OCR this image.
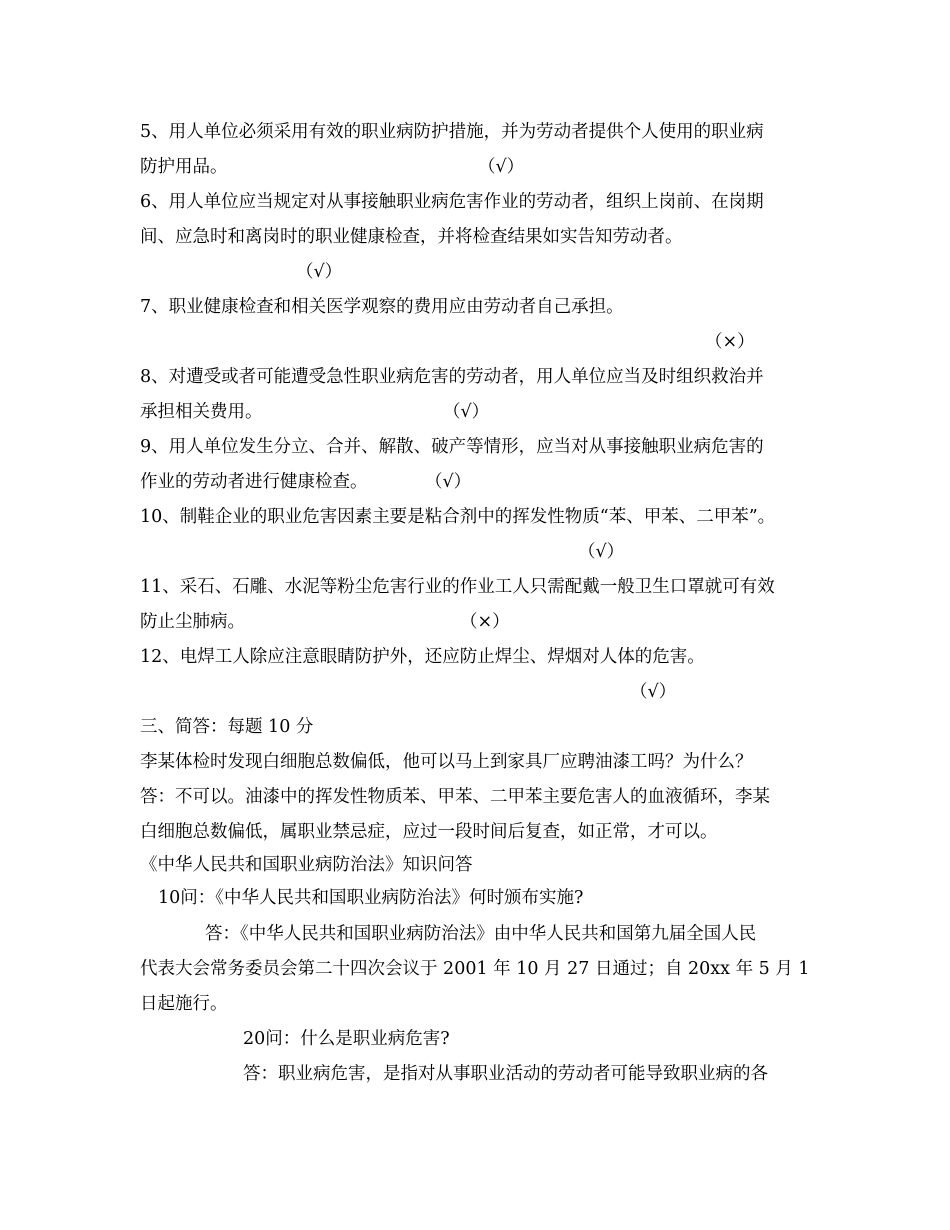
5、用人单位必须采用有效的职业病防护措施，并为劳动者提供个人使用的职业病
防护用品。	（√）
6、用人单位应当规定对从事接触职业病危害作业的劳动者，组织上岗前、在岗期
间、应急时和离岗时的职业健康检查，并将检查结果如实告知劳动者。
（√）
7、职业健康检查和相关医学观察的费用应由劳动者自己承担。
（×）
8、对遭受或者可能遭受急性职业病危害的劳动者，用人单位应当及时组织救治并
承担相关费用。	（√）
9、用人单位发生分立、合并、解散、破产等情形，应当对从事接触职业病危害的
作业的劳动者进行健康检查。	（√）
10、制鞋企业的职业危害因素主要是粘合剂中的挥发性物质“苯、甲苯、二甲苯”。
（√）
11、采石、石雕、水泥等粉尘危害行业的作业工人只需配戴一般卫生口罩就可有效
防止尘肺病。	（×）
12、电焊工人除应注意眼睛防护外，还应防止焊尘、焊烟对人体的危害。
（√）
三、简答：每题 10 分
李某体检时发现白细胞总数偏低，他可以马上到家具厂应聘油漆工吗？为什么？
答：不可以。油漆中的挥发性物质苯、甲苯、二甲苯主要危害人的血液循环，李某
白细胞总数偏低，属职业禁忌症，应过一段时间后复查，如正常，才可以。
《中华人民共和国职业病防治法》知识问答
10问：《中华人民共和国职业病防治法》何时颁布实施?
答：《中华人民共和国职业病防治法》由中华人民共和国第九届全国人民
代表大会常务委员会第二十四次会议于 2001 年 10 月 27 日通过；自 20xx 年 5 月 1
日起施行。
20问：什么是职业病危害?
答：职业病危害，是指对从事职业活动的劳动者可能导致职业病的各
